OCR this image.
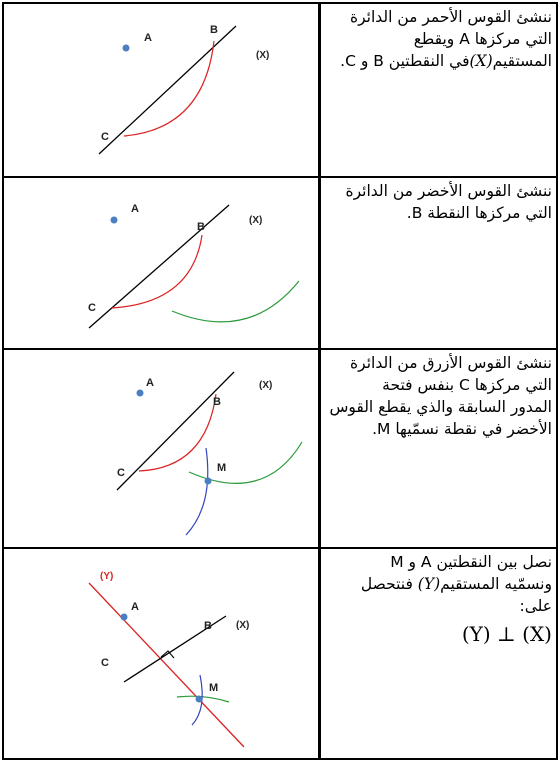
A
B
C
(X)

ننشئ القوس الأحمر من الدائرة

التي مركزها A ويقطع

المستقيم(X)في النقطتين B و C.

A
B
C
(X)

ننشئ القوس الأخضر من الدائرة

التي مركزها النقطة B.

A
M
B
C
(X)

ننشئ القوس الأزرق من الدائرة

التي مركزها C بنفس فتحة

المدور السابقة والذي يقطع القوس

الأخضر في نقطة نسمّيها M.

(Y)
A
M
B
C
(X)

نصل بين النقطتين A و M

ونسمّيه المستقيم(Y) فنتحصل

على:

(Y) ⊥ (X)
